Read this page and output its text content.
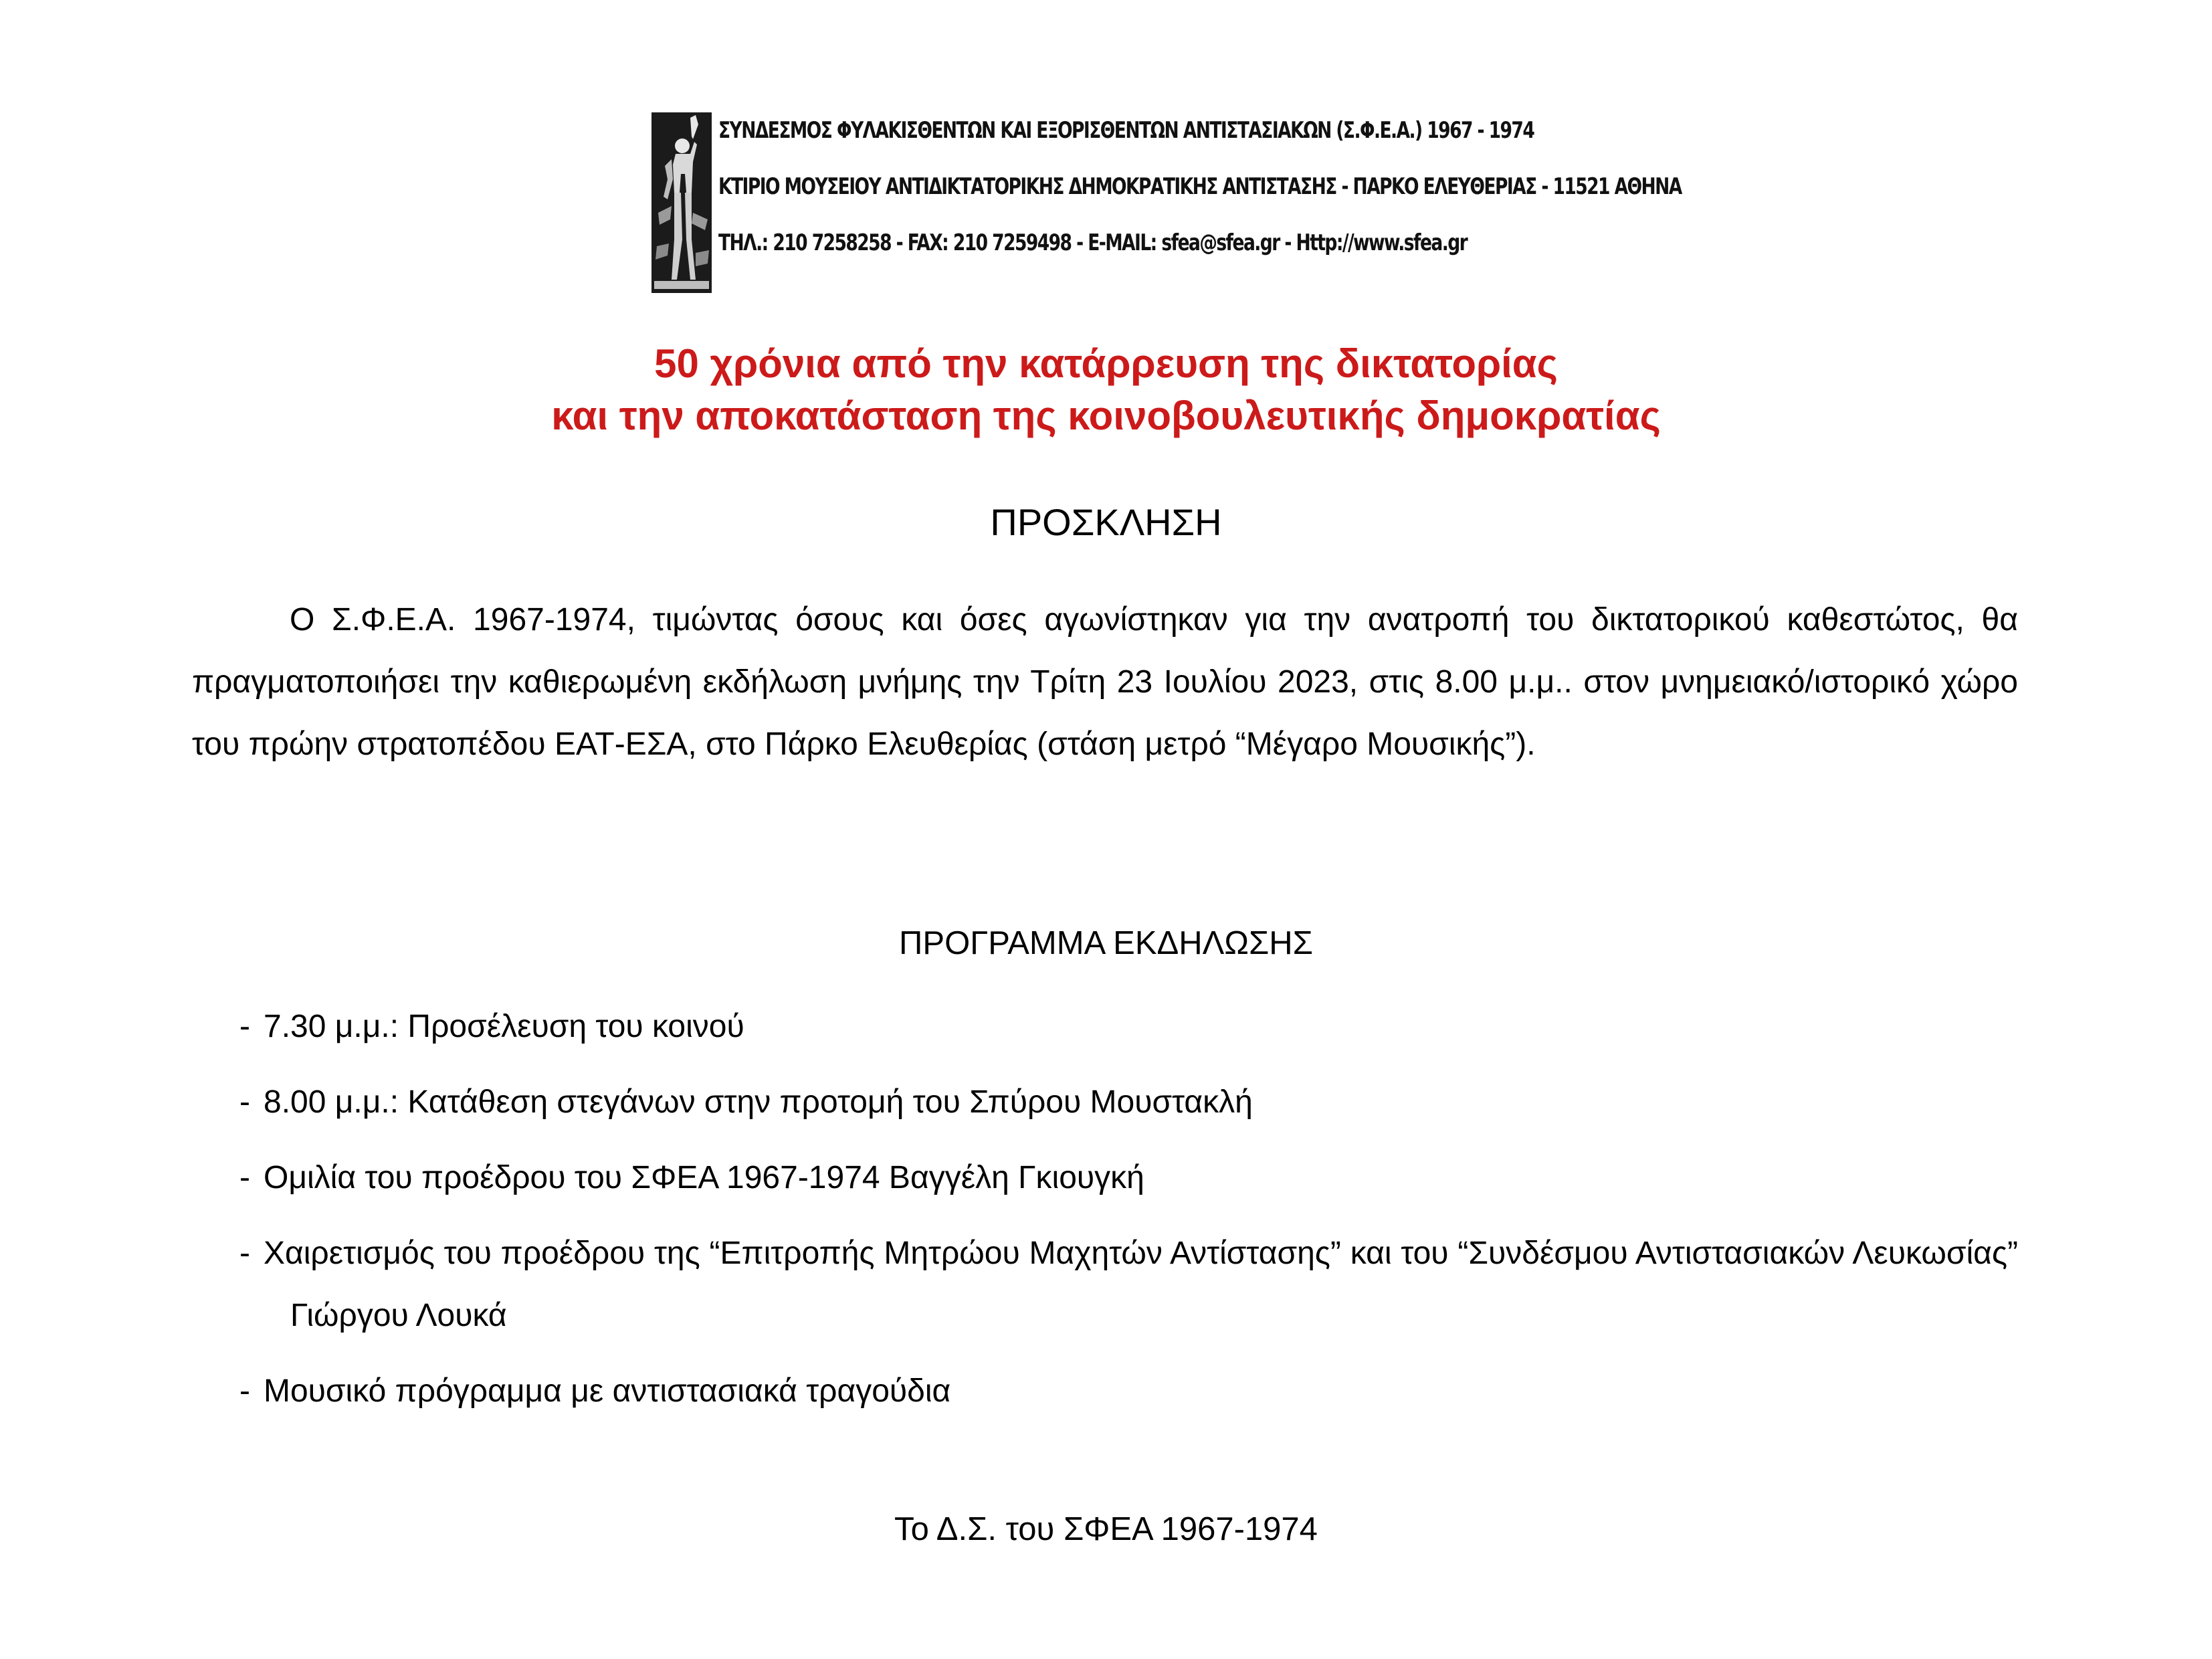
ΣΥΝΔΕΣΜΟΣ ΦΥΛΑΚΙΣΘΕΝΤΩΝ ΚΑΙ ΕΞΟΡΙΣΘΕΝΤΩΝ ΑΝΤΙΣΤΑΣΙΑΚΩΝ (Σ.Φ.Ε.Α.) 1967 - 1974
ΚΤΙΡΙΟ ΜΟΥΣΕΙΟΥ ΑΝΤΙΔΙΚΤΑΤΟΡΙΚΗΣ ΔΗΜΟΚΡΑΤΙΚΗΣ ΑΝΤΙΣΤΑΣΗΣ - ΠΑΡΚΟ ΕΛΕΥΘΕΡΙΑΣ - 11521 ΑΘΗΝΑ
ΤΗΛ.: 210 7258258 - FAX: 210 7259498 - E-MAIL: sfea@sfea.gr - Http://www.sfea.gr
50 χρόνια από την κατάρρευση της δικτατορίας
και την αποκατάσταση της κοινοβουλευτικής δημοκρατίας
ΠΡΟΣΚΛΗΣΗ
Ο Σ.Φ.Ε.Α. 1967-1974, τιμώντας όσους και όσες αγωνίστηκαν για την ανατροπή του δικτατορικού καθεστώτος, θα πραγματοποιήσει την καθιερωμένη εκδήλωση μνήμης την Τρίτη 23 Ιουλίου 2023, στις 8.00 μ.μ.. στον μνημειακό/ιστορικό χώρο του πρώην στρατοπέδου ΕΑΤ-ΕΣΑ, στο Πάρκο Ελευθερίας (στάση μετρό “Μέγαρο Μουσικής”).
ΠΡΟΓΡΑΜΜΑ ΕΚΔΗΛΩΣΗΣ
- 7.30 μ.μ.: Προσέλευση του κοινού
- 8.00 μ.μ.: Κατάθεση στεγάνων στην προτομή του Σπύρου Μουστακλή
- Ομιλία του προέδρου του ΣΦΕΑ 1967-1974 Βαγγέλη Γκιουγκή
- Χαιρετισμός του προέδρου της “Επιτροπής Μητρώου Μαχητών Αντίστασης” και του “Συνδέσμου Αντιστασιακών Λευκωσίας” Γιώργου Λουκά
- Μουσικό πρόγραμμα με αντιστασιακά τραγούδια
Το Δ.Σ. του ΣΦΕΑ 1967-1974
